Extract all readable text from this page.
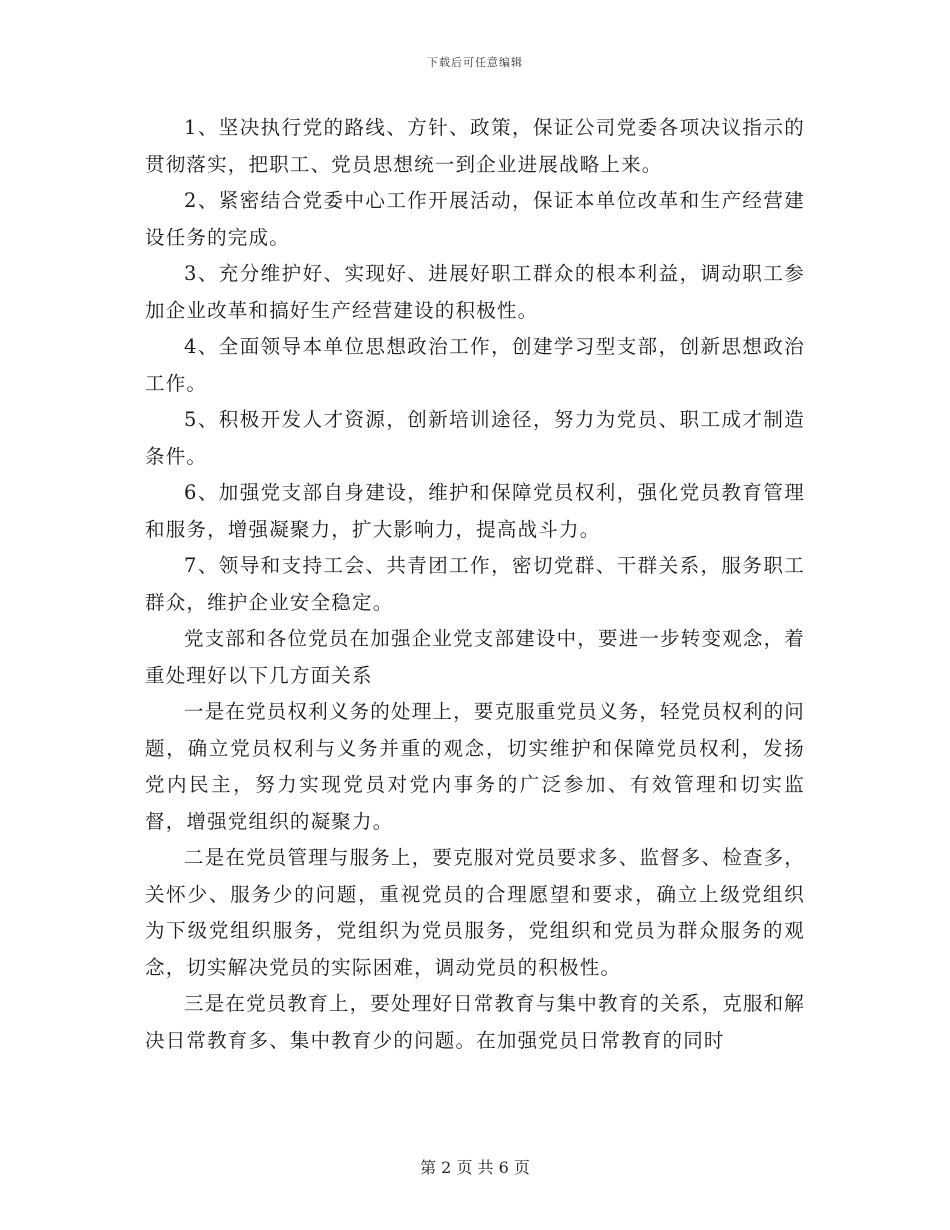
下载后可任意编辑

1、坚决执行党的路线、方针、政策，保证公司党委各项决议指示的贯彻落实，把职工、党员思想统一到企业进展战略上来。

2、紧密结合党委中心工作开展活动，保证本单位改革和生产经营建设任务的完成。

3、充分维护好、实现好、进展好职工群众的根本利益，调动职工参加企业改革和搞好生产经营建设的积极性。

4、全面领导本单位思想政治工作，创建学习型支部，创新思想政治工作。

5、积极开发人才资源，创新培训途径，努力为党员、职工成才制造条件。

6、加强党支部自身建设，维护和保障党员权利，强化党员教育管理和服务，增强凝聚力，扩大影响力，提高战斗力。

7、领导和支持工会、共青团工作，密切党群、干群关系，服务职工群众，维护企业安全稳定。

党支部和各位党员在加强企业党支部建设中，要进一步转变观念，着重处理好以下几方面关系

一是在党员权利义务的处理上，要克服重党员义务，轻党员权利的问题，确立党员权利与义务并重的观念，切实维护和保障党员权利，发扬党内民主，努力实现党员对党内事务的广泛参加、有效管理和切实监督，增强党组织的凝聚力。

二是在党员管理与服务上，要克服对党员要求多、监督多、检查多，关怀少、服务少的问题，重视党员的合理愿望和要求，确立上级党组织为下级党组织服务，党组织为党员服务，党组织和党员为群众服务的观念，切实解决党员的实际困难，调动党员的积极性。

三是在党员教育上，要处理好日常教育与集中教育的关系，克服和解决日常教育多、集中教育少的问题。在加强党员日常教育的同时

第 2 页 共 6 页
